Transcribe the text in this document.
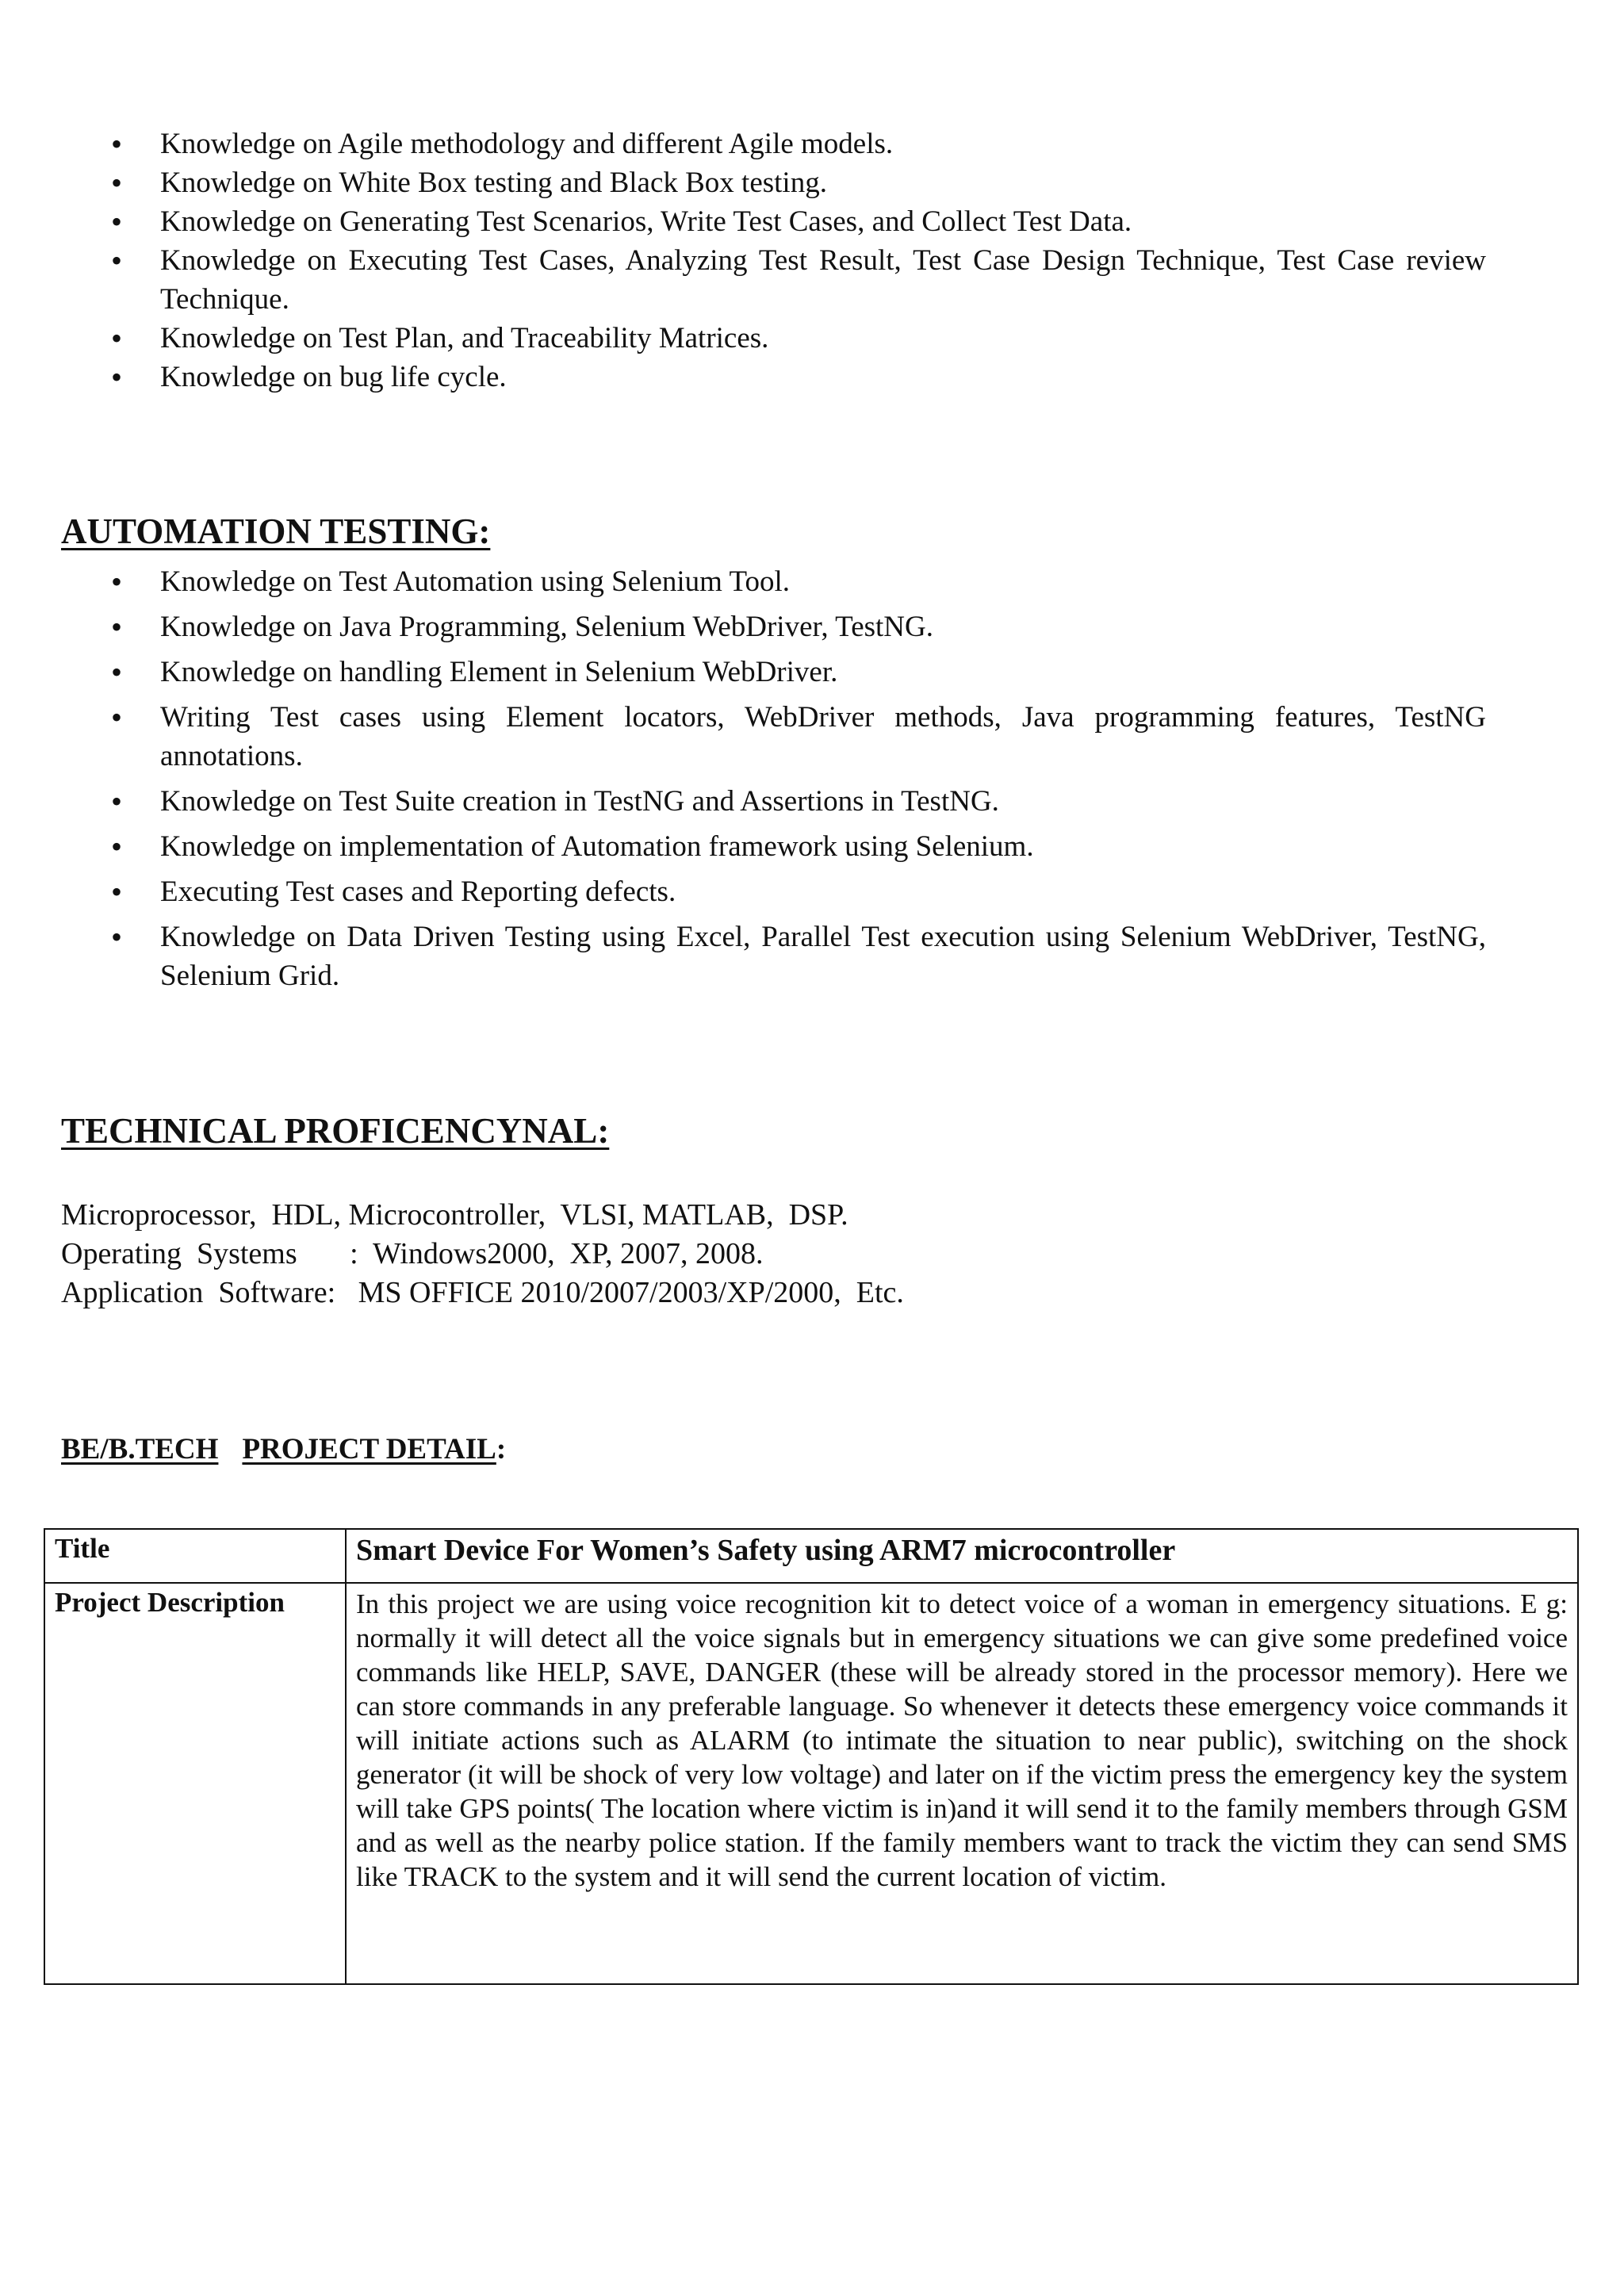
• Knowledge on Agile methodology and different Agile models.
• Knowledge on White Box testing and Black Box testing.
• Knowledge on Generating Test Scenarios, Write Test Cases, and Collect Test Data.
• Knowledge on Executing Test Cases, Analyzing Test Result, Test Case Design Technique, Test Case review Technique.
• Knowledge on Test Plan, and Traceability Matrices.
• Knowledge on bug life cycle.
AUTOMATION TESTING:
• Knowledge on Test Automation using Selenium Tool.
• Knowledge on Java Programming, Selenium WebDriver, TestNG.
• Knowledge on handling Element in Selenium WebDriver.
• Writing Test cases using Element locators, WebDriver methods, Java programming features, TestNG annotations.
• Knowledge on Test Suite creation in TestNG and Assertions in TestNG.
• Knowledge on implementation of Automation framework using Selenium.
• Executing Test cases and Reporting defects.
• Knowledge on Data Driven Testing using Excel, Parallel Test execution using Selenium WebDriver, TestNG, Selenium Grid.
TECHNICAL PROFICENCYNAL:
Microprocessor,  HDL, Microcontroller,  VLSI, MATLAB,  DSP.
Operating  Systems       :  Windows2000,  XP, 2007, 2008.
Application  Software:   MS OFFICE 2010/2007/2003/XP/2000,  Etc.
BE/B.TECH PROJECT DETAIL:
Title	Smart Device For Women’s Safety using ARM7 microcontroller
Project Description	In this project we are using voice recognition kit to detect voice of a woman in emergency situations. E g: normally it will detect all the voice signals but in emergency situations we can give some predefined voice commands like HELP, SAVE, DANGER (these will be already stored in the processor memory). Here we can store commands in any preferable language. So whenever it detects these emergency voice commands it will initiate actions such as ALARM (to intimate the situation to near public), switching on the shock generator (it will be shock of very low voltage) and later on if the victim press the emergency key the system will take GPS points( The location where victim is in)and it will send it to the family members through GSM and as well as the nearby police station. If the family members want to track the victim they can send SMS like TRACK to the system and it will send the current location of victim.
